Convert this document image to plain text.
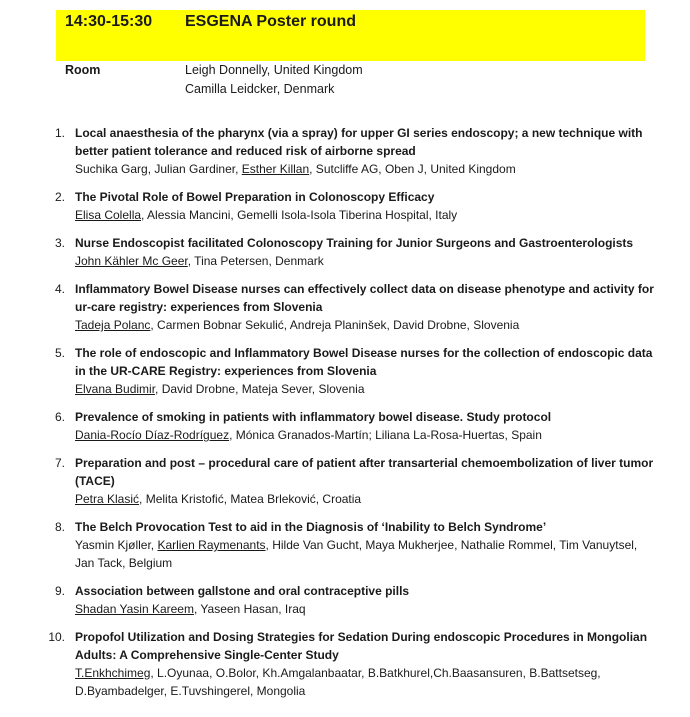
14:30-15:30 ESGENA Poster round
Room	Leigh Donnelly, United Kingdom
Camilla Leidcker, Denmark
1. Local anaesthesia of the pharynx (via a spray) for upper GI series endoscopy; a new technique with better patient tolerance and reduced risk of airborne spread
Suchika Garg, Julian Gardiner, Esther Killan, Sutcliffe AG, Oben J, United Kingdom
2. The Pivotal Role of Bowel Preparation in Colonoscopy Efficacy
Elisa Colella, Alessia Mancini, Gemelli Isola-Isola Tiberina Hospital, Italy
3. Nurse Endoscopist facilitated Colonoscopy Training for Junior Surgeons and Gastroenterologists
John Kähler Mc Geer, Tina Petersen, Denmark
4. Inflammatory Bowel Disease nurses can effectively collect data on disease phenotype and activity for ur-care registry: experiences from Slovenia
Tadeja Polanc, Carmen Bobnar Sekulić, Andreja Planinšek, David Drobne, Slovenia
5. The role of endoscopic and Inflammatory Bowel Disease nurses for the collection of endoscopic data in the UR-CARE Registry: experiences from Slovenia
Elvana Budimir, David Drobne, Mateja Sever, Slovenia
6. Prevalence of smoking in patients with inflammatory bowel disease. Study protocol
Dania-Rocío Díaz-Rodríguez, Mónica Granados-Martín; Liliana La-Rosa-Huertas, Spain
7. Preparation and post – procedural care of patient after transarterial chemoembolization of liver tumor (TACE)
Petra Klasić, Melita Kristofić, Matea Brleković, Croatia
8. The Belch Provocation Test to aid in the Diagnosis of ‘Inability to Belch Syndrome’
Yasmin Kjøller, Karlien Raymenants, Hilde Van Gucht, Maya Mukherjee, Nathalie Rommel, Tim Vanuytsel, Jan Tack, Belgium
9. Association between gallstone and oral contraceptive pills
Shadan Yasin Kareem, Yaseen Hasan, Iraq
10. Propofol Utilization and Dosing Strategies for Sedation During endoscopic Procedures in Mongolian Adults: A Comprehensive Single-Center Study
T.Enkhchimeg, L.Oyunaa, O.Bolor, Kh.Amgalanbaatar, B.Batkhurel,Ch.Baasansuren, B.Battsetseg, D.Byambadelger, E.Tuvshingerel, Mongolia
